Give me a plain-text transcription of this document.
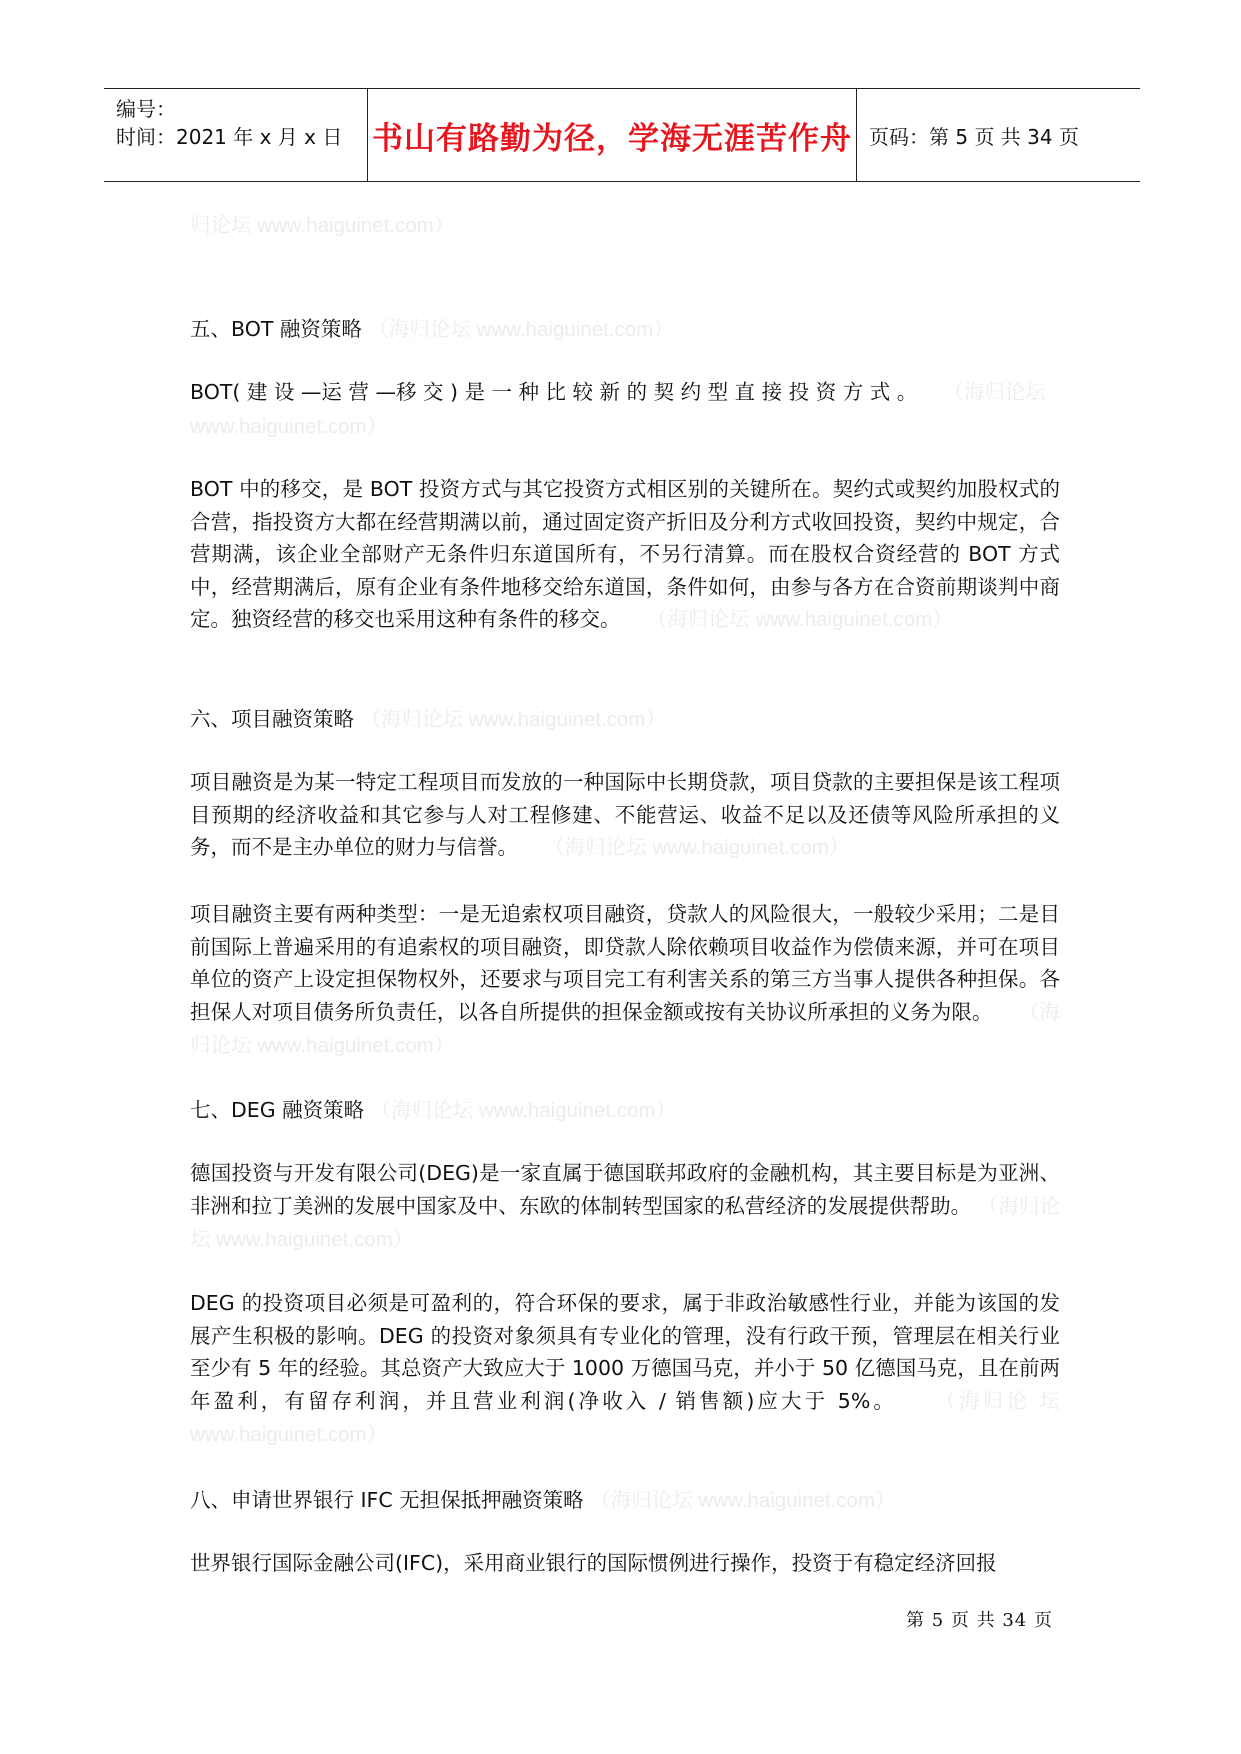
编号：
时间：2021 年 x 月 x 日 书山有路勤为径，学海无涯苦作舟 页码：第 5 页 共 34 页
归论坛 www.haiguinet.com）
五、BOT 融资策略 （海归论坛 www.haiguinet.com）

BOT( 建 设 —运 营 —移 交 ) 是 一 种 比 较 新 的 契 约 型 直 接 投 资 方 式 。 （海归论坛
www.haiguinet.com）

BOT 中的移交，是 BOT 投资方式与其它投资方式相区别的关键所在。契约式或契约加股权式的合营，指投资方大都在经营期满以前，通过固定资产折旧及分利方式收回投资，契约中规定，合营期满，该企业全部财产无条件归东道国所有，不另行清算。而在股权合资经营的 BOT 方式中，经营期满后，原有企业有条件地移交给东道国，条件如何，由参与各方在合资前期谈判中商定。独资经营的移交也采用这种有条件的移交。 （海归论坛 www.haiguinet.com）

六、项目融资策略 （海归论坛 www.haiguinet.com）

项目融资是为某一特定工程项目而发放的一种国际中长期贷款，项目贷款的主要担保是该工程项目预期的经济收益和其它参与人对工程修建、不能营运、收益不足以及还债等风险所承担的义务，而不是主办单位的财力与信誉。 （海归论坛 www.haiguinet.com）

项目融资主要有两种类型：一是无追索权项目融资，贷款人的风险很大，一般较少采用；二是目前国际上普遍采用的有追索权的项目融资，即贷款人除依赖项目收益作为偿债来源，并可在项目单位的资产上设定担保物权外，还要求与项目完工有利害关系的第三方当事人提供各种担保。各担保人对项目债务所负责任，以各自所提供的担保金额或按有关协议所承担的义务为限。 （海归论坛 www.haiguinet.com）

七、DEG 融资策略 （海归论坛 www.haiguinet.com）

德国投资与开发有限公司(DEG)是一家直属于德国联邦政府的金融机构，其主要目标是为亚洲、非洲和拉丁美洲的发展中国家及中、东欧的体制转型国家的私营经济的发展提供帮助。 （海归论坛 www.haiguinet.com）

DEG 的投资项目必须是可盈利的，符合环保的要求，属于非政治敏感性行业，并能为该国的发展产生积极的影响。DEG 的投资对象须具有专业化的管理，没有行政干预，管理层在相关行业至少有 5 年的经验。其总资产大致应大于 1000 万德国马克，并小于 50 亿德国马克，且在前两年盈利，有留存利润，并且营业利润(净收入 / 销售额)应大于 5%。 （海归论 坛 www.haiguinet.com）

八、申请世界银行 IFC 无担保抵押融资策略 （海归论坛 www.haiguinet.com）

世界银行国际金融公司(IFC)，采用商业银行的国际惯例进行操作，投资于有稳定经济回报

第 5 页 共 34 页
